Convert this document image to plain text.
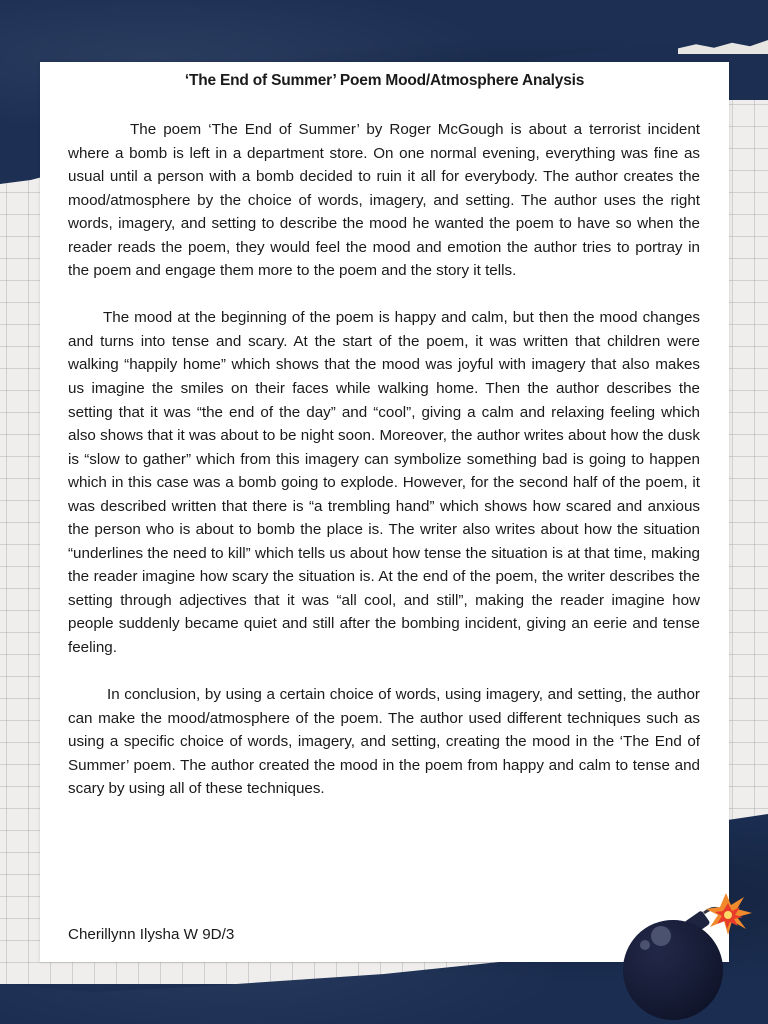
‘The End of Summer’ Poem Mood/Atmosphere Analysis

The poem ‘The End of Summer’ by Roger McGough is about a terrorist incident where a bomb is left in a department store. On one normal evening, everything was fine as usual until a person with a bomb decided to ruin it all for everybody. The author creates the mood/atmosphere by the choice of words, imagery, and setting. The author uses the right words, imagery, and setting to describe the mood he wanted the poem to have so when the reader reads the poem, they would feel the mood and emotion the author tries to portray in the poem and engage them more to the poem and the story it tells.

The mood at the beginning of the poem is happy and calm, but then the mood changes and turns into tense and scary. At the start of the poem, it was written that children were walking “happily home” which shows that the mood was joyful with imagery that also makes us imagine the smiles on their faces while walking home. Then the author describes the setting that it was “the end of the day” and “cool”, giving a calm and relaxing feeling which also shows that it was about to be night soon. Moreover, the author writes about how the dusk is “slow to gather” which from this imagery can symbolize something bad is going to happen which in this case was a bomb going to explode. However, for the second half of the poem, it was described written that there is “a trembling hand” which shows how scared and anxious the person who is about to bomb the place is. The writer also writes about how the situation “underlines the need to kill” which tells us about how tense the situation is at that time, making the reader imagine how scary the situation is. At the end of the poem, the writer describes the setting through adjectives that it was “all cool, and still”, making the reader imagine how people suddenly became quiet and still after the bombing incident, giving an eerie and tense feeling.

In conclusion, by using a certain choice of words, using imagery, and setting, the author can make the mood/atmosphere of the poem. The author used different techniques such as using a specific choice of words, imagery, and setting, creating the mood in the ‘The End of Summer’ poem. The author created the mood in the poem from happy and calm to tense and scary by using all of these techniques.

Cherillynn Ilysha W 9D/3
